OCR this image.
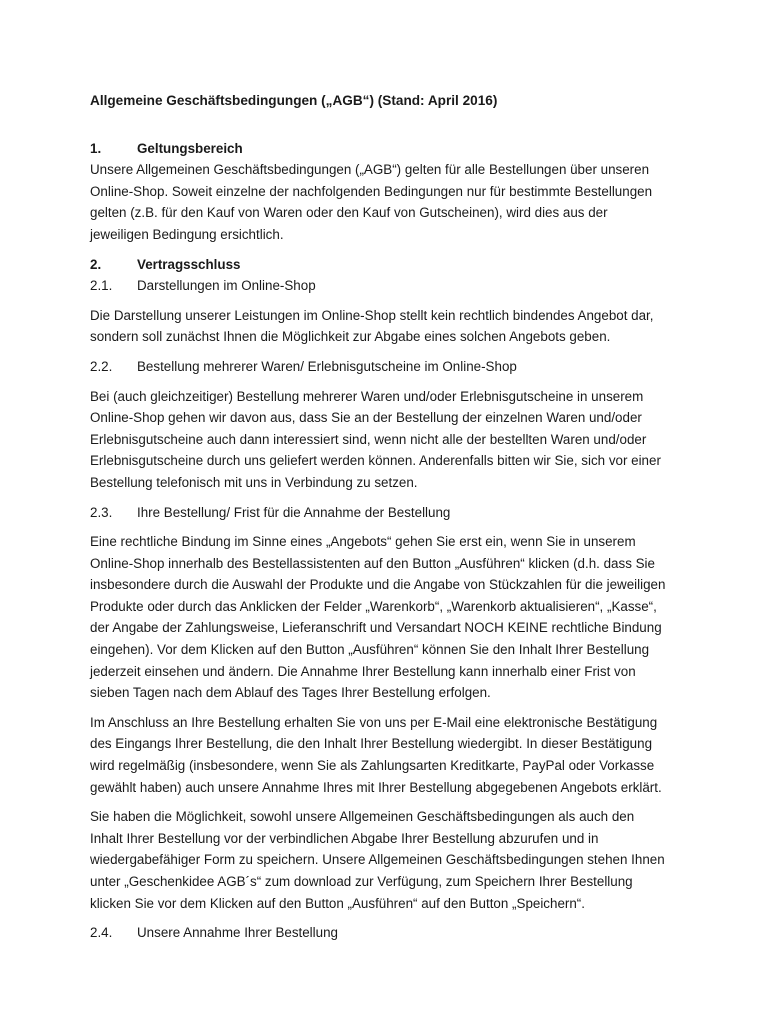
Allgemeine Geschäftsbedingungen („AGB“) (Stand: April 2016)

1.	Geltungsbereich

Unsere Allgemeinen Geschäftsbedingungen („AGB“) gelten für alle Bestellungen über unseren

Online-Shop. Soweit einzelne der nachfolgenden Bedingungen nur für bestimmte Bestellungen

gelten (z.B. für den Kauf von Waren oder den Kauf von Gutscheinen), wird dies aus der

jeweiligen Bedingung ersichtlich.

2.	Vertragsschluss

2.1. Darstellungen im Online-Shop

Die Darstellung unserer Leistungen im Online-Shop stellt kein rechtlich bindendes Angebot dar,

sondern soll zunächst Ihnen die Möglichkeit zur Abgabe eines solchen Angebots geben.

2.2. Bestellung mehrerer Waren/ Erlebnisgutscheine im Online-Shop

Bei (auch gleichzeitiger) Bestellung mehrerer Waren und/oder Erlebnisgutscheine in unserem

Online-Shop gehen wir davon aus, dass Sie an der Bestellung der einzelnen Waren und/oder

Erlebnisgutscheine auch dann interessiert sind, wenn nicht alle der bestellten Waren und/oder

Erlebnisgutscheine durch uns geliefert werden können. Anderenfalls bitten wir Sie, sich vor einer

Bestellung telefonisch mit uns in Verbindung zu setzen.

2.3. Ihre Bestellung/ Frist für die Annahme der Bestellung

Eine rechtliche Bindung im Sinne eines „Angebots“ gehen Sie erst ein, wenn Sie in unserem

Online-Shop innerhalb des Bestellassistenten auf den Button „Ausführen“ klicken (d.h. dass Sie

insbesondere durch die Auswahl der Produkte und die Angabe von Stückzahlen für die jeweiligen

Produkte oder durch das Anklicken der Felder „Warenkorb“, „Warenkorb aktualisieren“, „Kasse“,

der Angabe der Zahlungsweise, Lieferanschrift und Versandart NOCH KEINE rechtliche Bindung

eingehen). Vor dem Klicken auf den Button „Ausführen“ können Sie den Inhalt Ihrer Bestellung

jederzeit einsehen und ändern. Die Annahme Ihrer Bestellung kann innerhalb einer Frist von

sieben Tagen nach dem Ablauf des Tages Ihrer Bestellung erfolgen.

Im Anschluss an Ihre Bestellung erhalten Sie von uns per E-Mail eine elektronische Bestätigung

des Eingangs Ihrer Bestellung, die den Inhalt Ihrer Bestellung wiedergibt. In dieser Bestätigung

wird regelmäßig (insbesondere, wenn Sie als Zahlungsarten Kreditkarte, PayPal oder Vorkasse

gewählt haben) auch unsere Annahme Ihres mit Ihrer Bestellung abgegebenen Angebots erklärt.

Sie haben die Möglichkeit, sowohl unsere Allgemeinen Geschäftsbedingungen als auch den

Inhalt Ihrer Bestellung vor der verbindlichen Abgabe Ihrer Bestellung abzurufen und in

wiedergabefähiger Form zu speichern. Unsere Allgemeinen Geschäftsbedingungen stehen Ihnen

unter „Geschenkidee AGB´s“ zum download zur Verfügung, zum Speichern Ihrer Bestellung

klicken Sie vor dem Klicken auf den Button „Ausführen“ auf den Button „Speichern“.

2.4. Unsere Annahme Ihrer Bestellung
